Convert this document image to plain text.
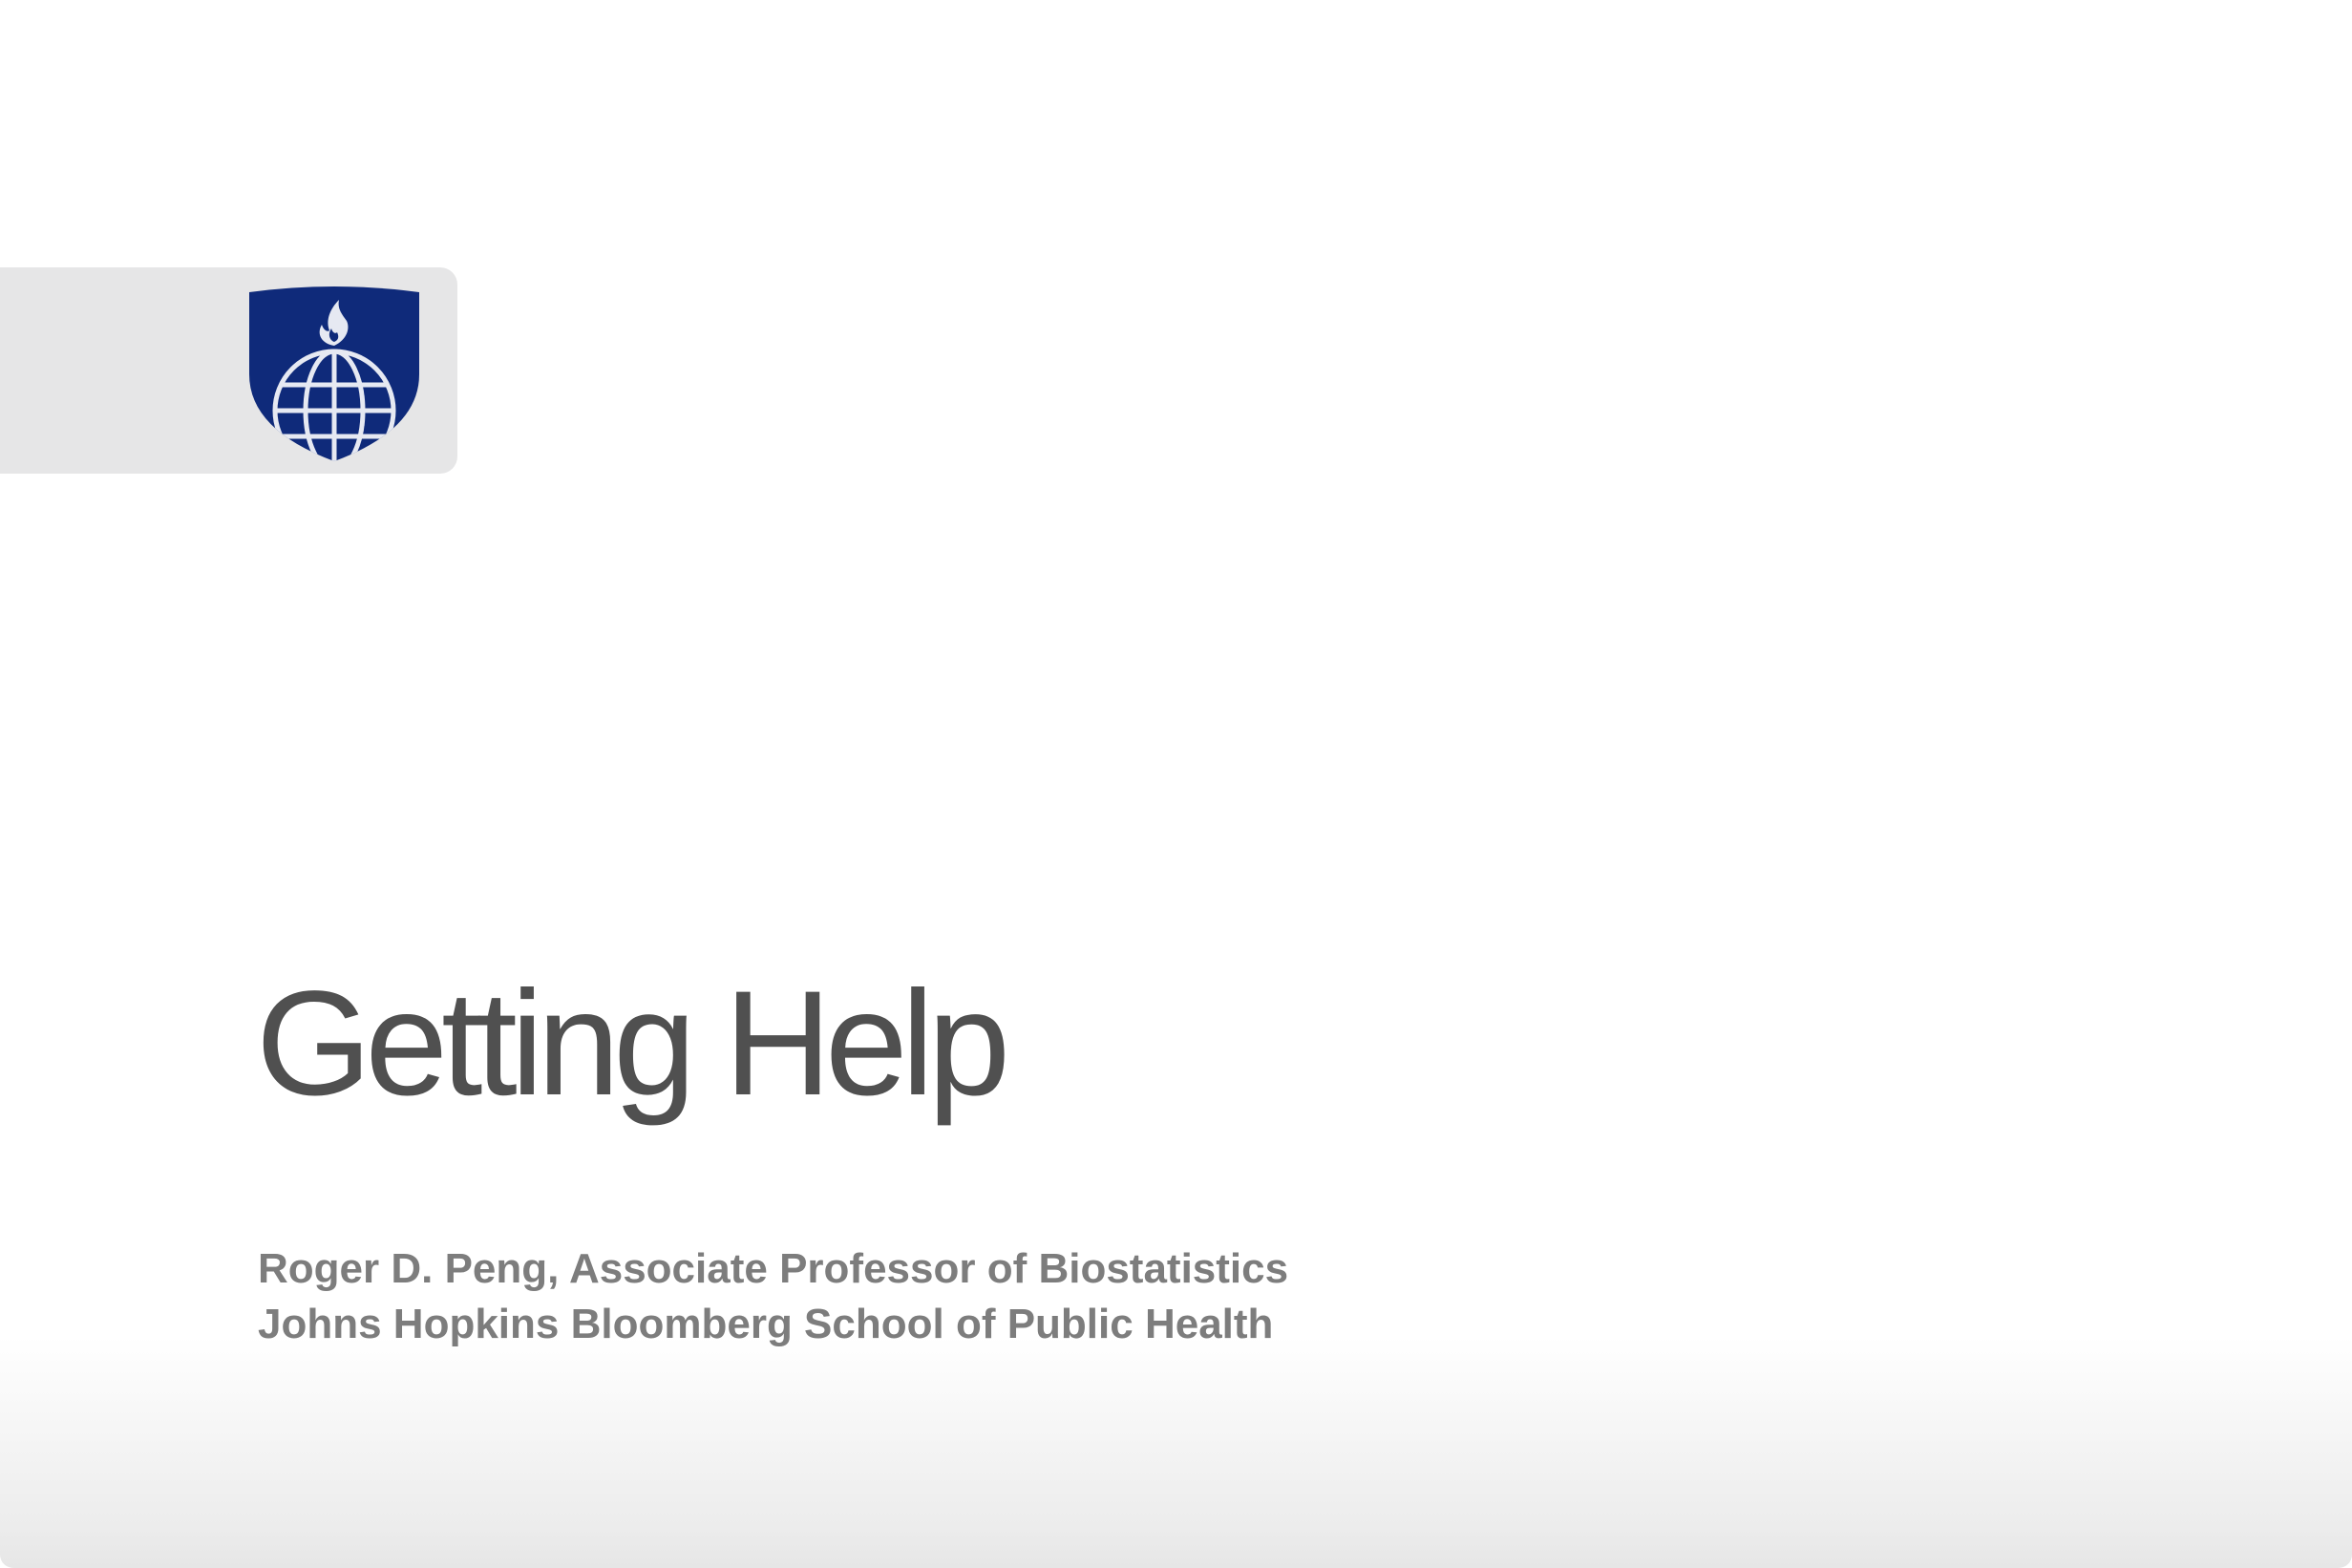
Getting Help
Roger D. Peng, Associate Professor of Biostatistics
Johns Hopkins Bloomberg School of Public Health
